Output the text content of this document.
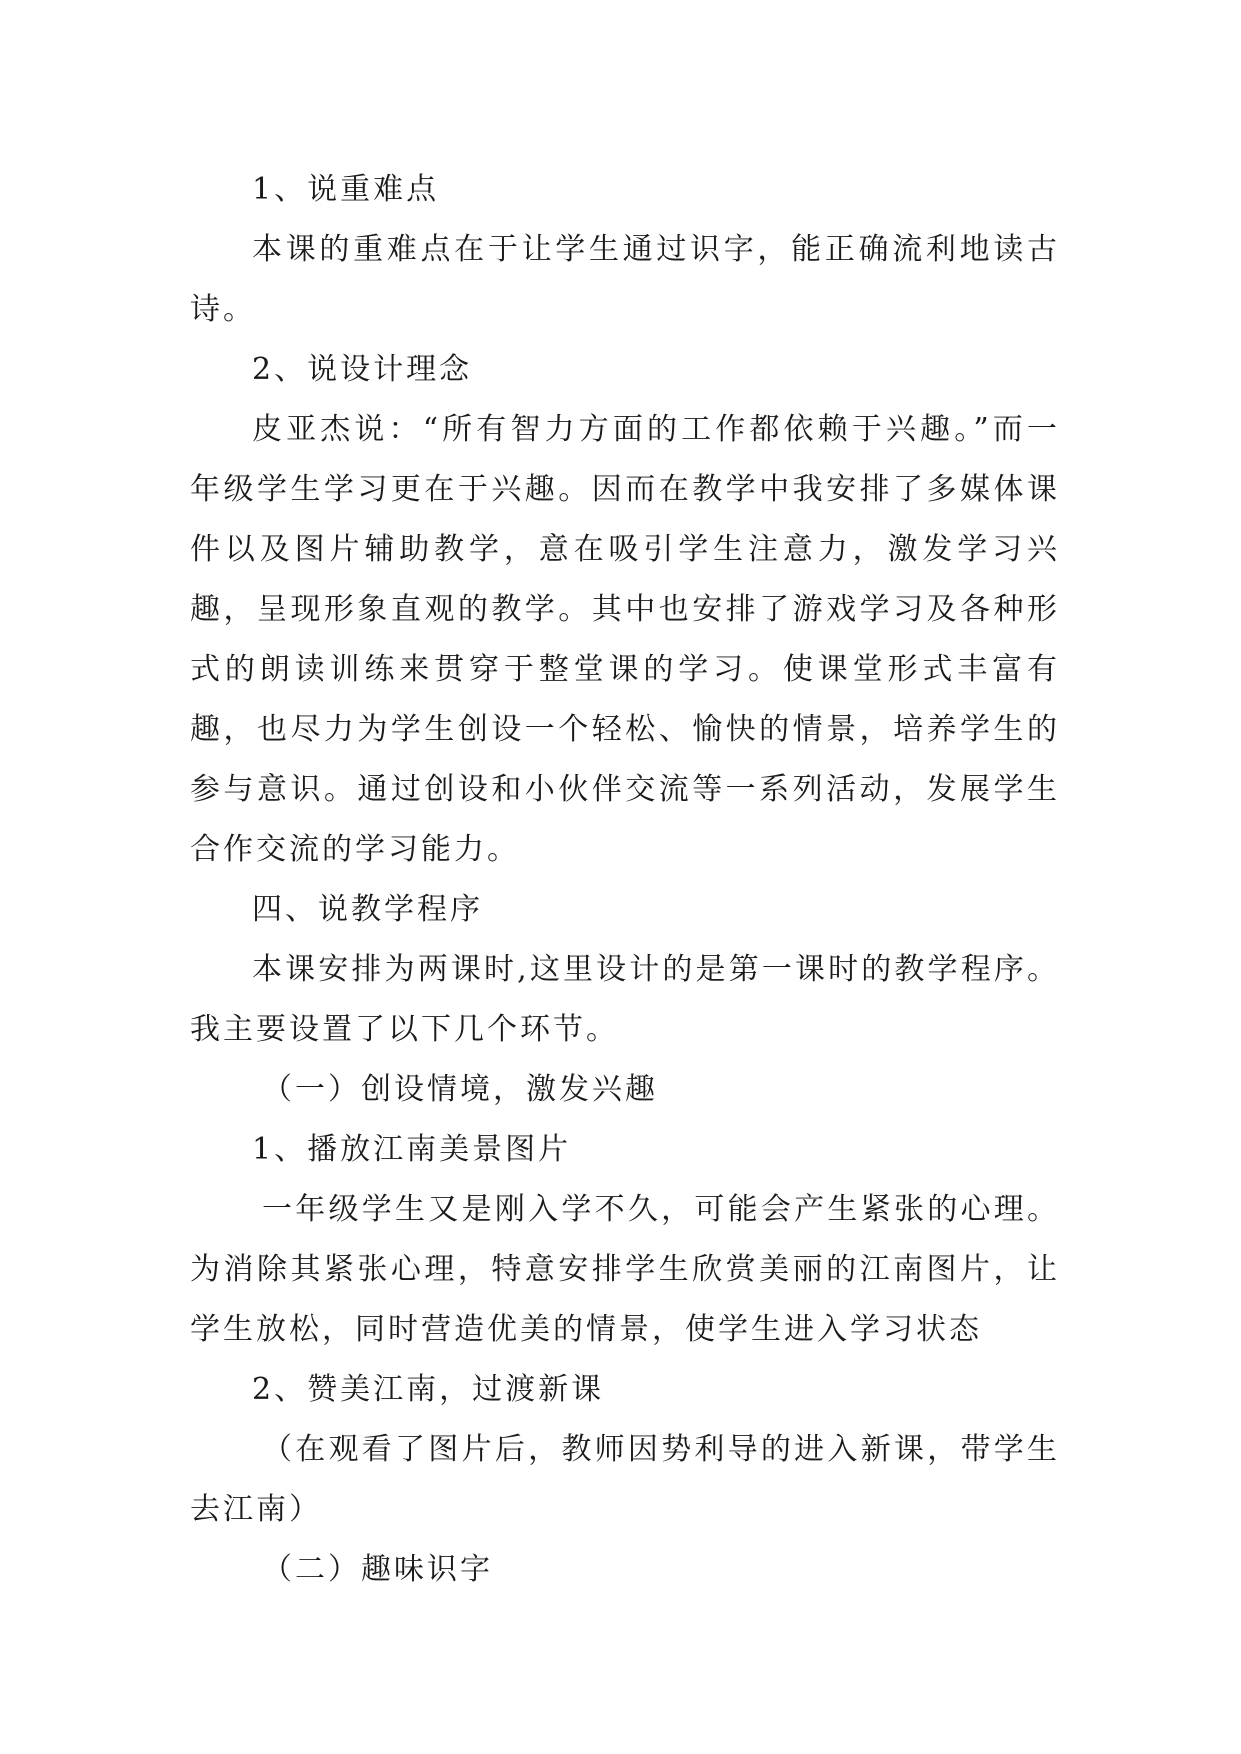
1、说重难点

本课的重难点在于让学生通过识字，能正确流利地读古诗。

2、说设计理念

皮亚杰说：“所有智力方面的工作都依赖于兴趣。”而一年级学生学习更在于兴趣。因而在教学中我安排了多媒体课件以及图片辅助教学，意在吸引学生注意力，激发学习兴趣，呈现形象直观的教学。其中也安排了游戏学习及各种形式的朗读训练来贯穿于整堂课的学习。使课堂形式丰富有趣，也尽力为学生创设一个轻松、愉快的情景，培养学生的参与意识。通过创设和小伙伴交流等一系列活动，发展学生合作交流的学习能力。

四、说教学程序

本课安排为两课时,这里设计的是第一课时的教学程序。我主要设置了以下几个环节。

（一）创设情境，激发兴趣

1、播放江南美景图片

一年级学生又是刚入学不久，可能会产生紧张的心理。为消除其紧张心理，特意安排学生欣赏美丽的江南图片，让学生放松，同时营造优美的情景，使学生进入学习状态

2、赞美江南，过渡新课

（在观看了图片后，教师因势利导的进入新课，带学生去江南）

（二）趣味识字
